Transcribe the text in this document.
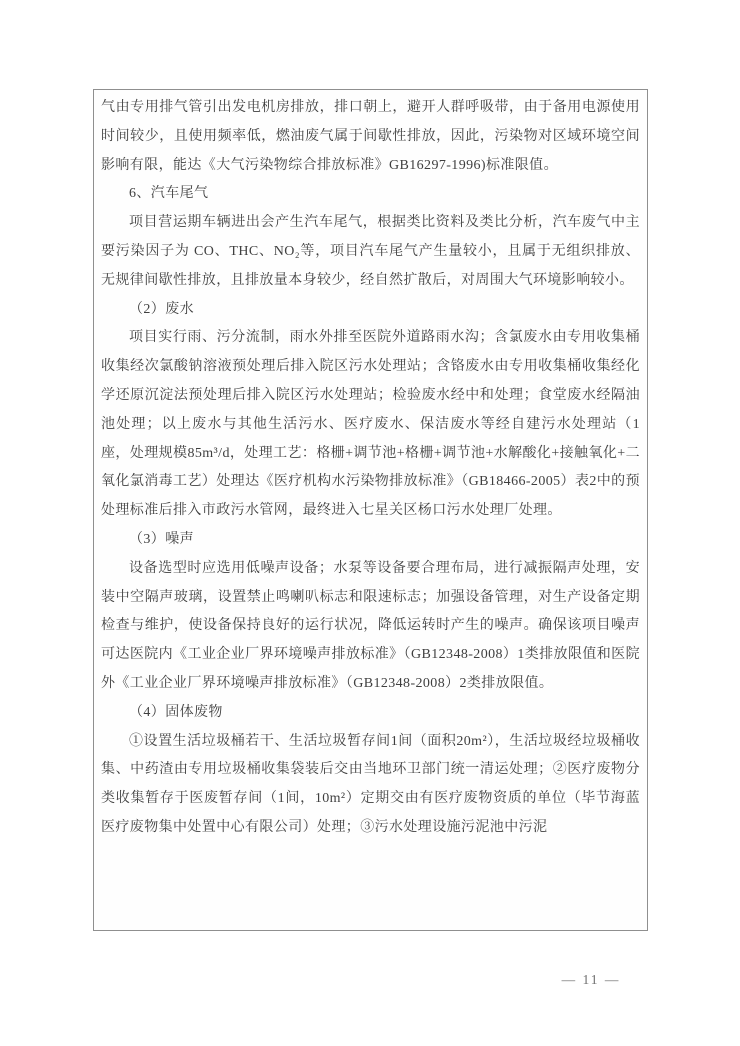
气由专用排气管引出发电机房排放，排口朝上，避开人群呼吸带，由于备用电源使用时间较少，且使用频率低，燃油废气属于间歇性排放，因此，污染物对区域环境空间影响有限，能达《大气污染物综合排放标准》GB16297-1996)标准限值。
6、汽车尾气
项目营运期车辆进出会产生汽车尾气，根据类比资料及类比分析，汽车废气中主要污染因子为 CO、THC、NO₂等，项目汽车尾气产生量较小，且属于无组织排放、无规律间歇性排放，且排放量本身较少，经自然扩散后，对周围大气环境影响较小。
（2）废水
项目实行雨、污分流制，雨水外排至医院外道路雨水沟；含氯废水由专用收集桶收集经次氯酸钠溶液预处理后排入院区污水处理站；含铬废水由专用收集桶收集经化学还原沉淀法预处理后排入院区污水处理站；检验废水经中和处理；食堂废水经隔油池处理；以上废水与其他生活污水、医疗废水、保洁废水等经自建污水处理站（1座，处理规模85m³/d，处理工艺：格栅+调节池+格栅+调节池+水解酸化+接触氧化+二氧化氯消毒工艺）处理达《医疗机构水污染物排放标准》（GB18466-2005）表2中的预处理标准后排入市政污水管网，最终进入七星关区杨口污水处理厂处理。
（3）噪声
设备选型时应选用低噪声设备；水泵等设备要合理布局，进行减振隔声处理，安装中空隔声玻璃，设置禁止鸣喇叭标志和限速标志；加强设备管理，对生产设备定期检查与维护，使设备保持良好的运行状况，降低运转时产生的噪声。确保该项目噪声可达医院内《工业企业厂界环境噪声排放标准》（GB12348-2008）1类排放限值和医院外《工业企业厂界环境噪声排放标准》（GB12348-2008）2类排放限值。
（4）固体废物
①设置生活垃圾桶若干、生活垃圾暂存间1间（面积20m²），生活垃圾经垃圾桶收集、中药渣由专用垃圾桶收集袋装后交由当地环卫部门统一清运处理；②医疗废物分类收集暂存于医废暂存间（1间，10m²）定期交由有医疗废物资质的单位（毕节海蓝医疗废物集中处置中心有限公司）处理；③污水处理设施污泥池中污泥
— 11 —
